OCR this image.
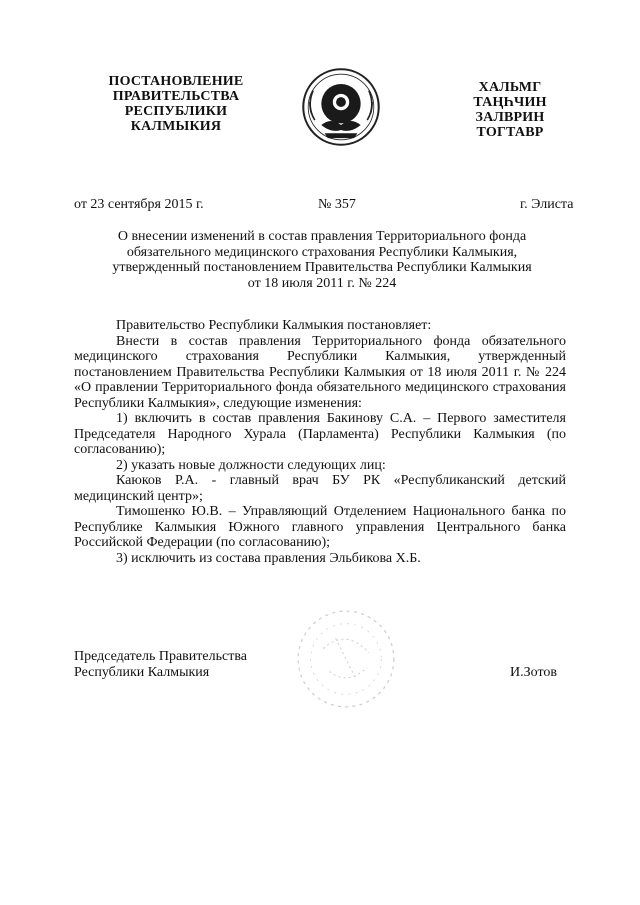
ПОСТАНОВЛЕНИЕ
ПРАВИТЕЛЬСТВА
РЕСПУБЛИКИ
КАЛМЫКИЯ
ХАЛЬМГ
ТАҢҺЧИН
ЗАЛВРИН
ТОГТАВР
от 23 сентября 2015 г.	№ 357	г. Элиста
О внесении изменений в состав правления Территориального фонда
обязательного медицинского страхования Республики Калмыкия,
утвержденный постановлением Правительства Республики Калмыкия
от 18 июля 2011 г. № 224

Правительство Республики Калмыкия постановляет:

Внести в состав правления Территориального фонда обязательного медицинского страхования Республики Калмыкия, утвержденный постановлением Правительства Республики Калмыкия от 18 июля 2011 г. № 224 «О правлении Территориального фонда обязательного медицинского страхования Республики Калмыкия», следующие изменения:

1) включить в состав правления Бакинову С.А. – Первого заместителя Председателя Народного Хурала (Парламента) Республики Калмыкия (по согласованию);

2) указать новые должности следующих лиц:

Каюков Р.А. - главный врач БУ РК «Республиканский детский медицинский центр»;

Тимошенко Ю.В. – Управляющий Отделением Национального банка по Республике Калмыкия Южного главного управления Центрального банка Российской Федерации (по согласованию);

3) исключить из состава правления Эльбикова Х.Б.

Председатель Правительства
Республики Калмыкия	И.Зотов
